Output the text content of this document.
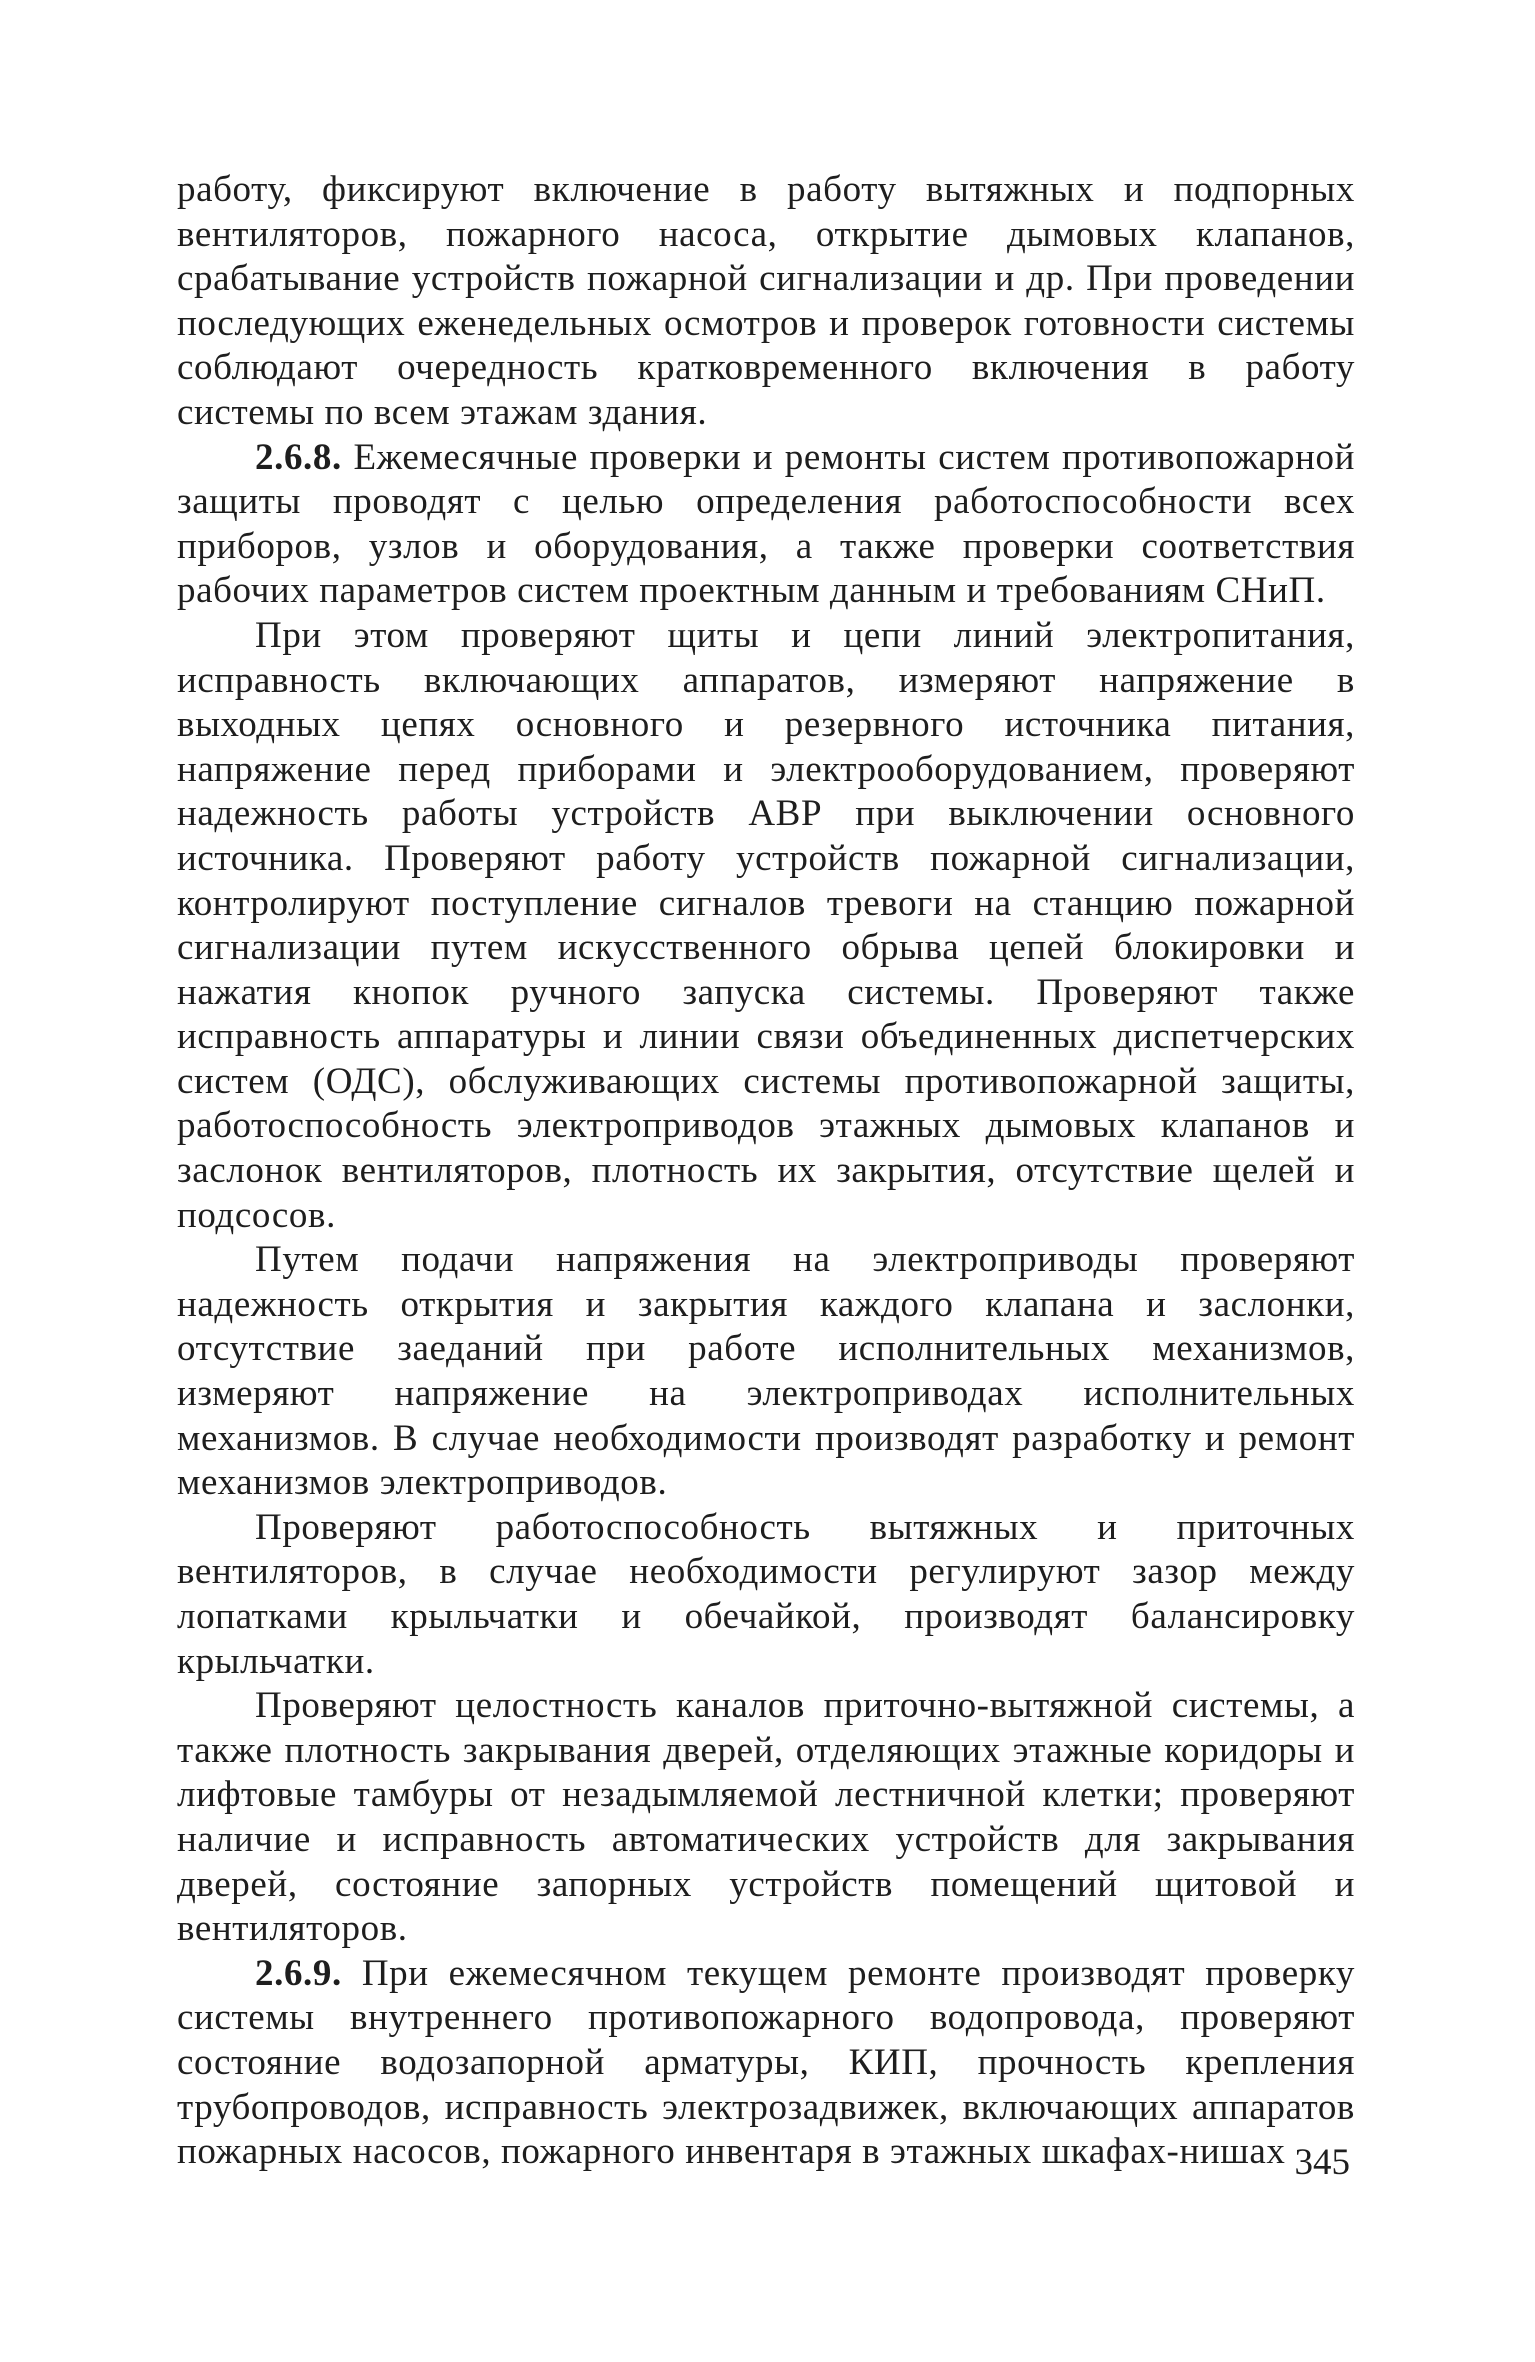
работу, фиксируют включение в работу вытяжных и подпорных вентиляторов, пожарного насоса, открытие дымовых клапанов, срабатывание устройств пожарной сигнализации и др. При проведении последующих еженедельных осмотров и проверок готовности системы соблюдают очередность кратковременного включения в работу системы по всем этажам здания.

2.6.8. Ежемесячные проверки и ремонты систем противопожарной защиты проводят с целью определения работоспособности всех приборов, узлов и оборудования, а также проверки соответствия рабочих параметров систем проектным данным и требованиям СНиП.

При этом проверяют щиты и цепи линий электропитания, исправность включающих аппаратов, измеряют напряжение в выходных цепях основного и резервного источника питания, напряжение перед приборами и электрооборудованием, проверяют надежность работы устройств АВР при выключении основного источника. Проверяют работу устройств пожарной сигнализации, контролируют поступление сигналов тревоги на станцию пожарной сигнализации путем искусственного обрыва цепей блокировки и нажатия кнопок ручного запуска системы. Проверяют также исправность аппаратуры и линии связи объединенных диспетчерских систем (ОДС), обслуживающих системы противопожарной защиты, работоспособность электроприводов этажных дымовых клапанов и заслонок вентиляторов, плотность их закрытия, отсутствие щелей и подсосов.

Путем подачи напряжения на электроприводы проверяют надежность открытия и закрытия каждого клапана и заслонки, отсутствие заеданий при работе исполнительных механизмов, измеряют напряжение на электроприводах исполнительных механизмов. В случае необходимости производят разработку и ремонт механизмов электроприводов.

Проверяют работоспособность вытяжных и приточных вентиляторов, в случае необходимости регулируют зазор между лопатками крыльчатки и обечайкой, производят балансировку крыльчатки.

Проверяют целостность каналов приточно-вытяжной системы, а также плотность закрывания дверей, отделяющих этажные коридоры и лифтовые тамбуры от незадымляемой лестничной клетки; проверяют наличие и исправность автоматических устройств для закрывания дверей, состояние запорных устройств помещений щитовой и вентиляторов.

2.6.9. При ежемесячном текущем ремонте производят проверку системы внутреннего противопожарного водопровода, проверяют состояние водозапорной арматуры, КИП, прочность крепления трубопроводов, исправность электрозадвижек, включающих аппаратов пожарных насосов, пожарного инвентаря в этажных шкафах-нишах 345
